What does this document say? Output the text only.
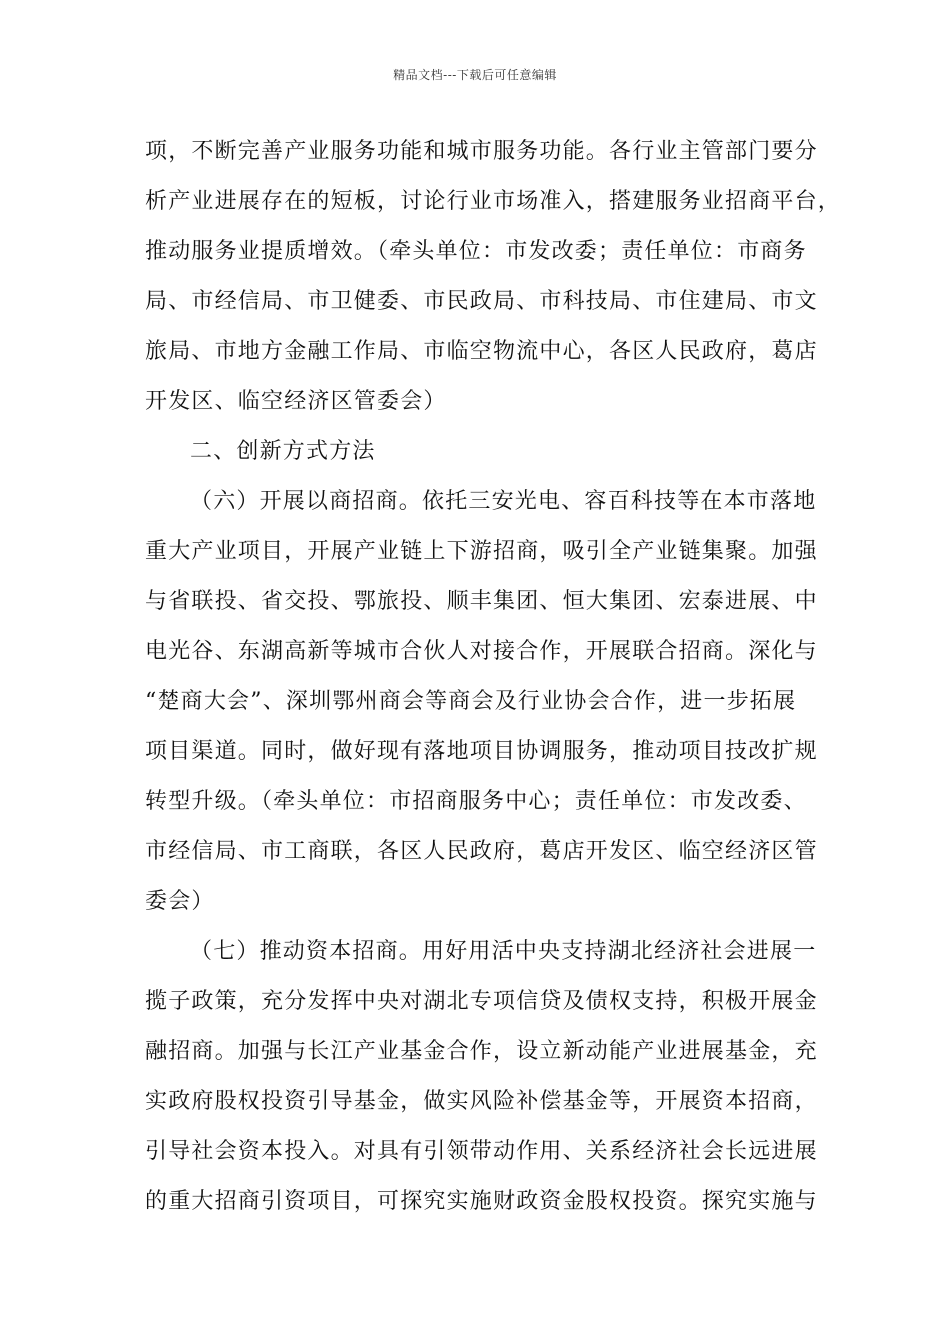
精品文档---下载后可任意编辑
项，不断完善产业服务功能和城市服务功能。各行业主管部门要分
析产业进展存在的短板，讨论行业市场准入，搭建服务业招商平台，
推动服务业提质增效。（牵头单位：市发改委；责任单位：市商务
局、市经信局、市卫健委、市民政局、市科技局、市住建局、市文
旅局、市地方金融工作局、市临空物流中心，各区人民政府，葛店
开发区、临空经济区管委会）
二、创新方式方法
（六）开展以商招商。依托三安光电、容百科技等在本市落地
重大产业项目，开展产业链上下游招商，吸引全产业链集聚。加强
与省联投、省交投、鄂旅投、顺丰集团、恒大集团、宏泰进展、中
电光谷、东湖高新等城市合伙人对接合作，开展联合招商。深化与
“楚商大会”、深圳鄂州商会等商会及行业协会合作，进一步拓展
项目渠道。同时，做好现有落地项目协调服务，推动项目技改扩规
转型升级。（牵头单位：市招商服务中心；责任单位：市发改委、
市经信局、市工商联，各区人民政府，葛店开发区、临空经济区管
委会）
（七）推动资本招商。用好用活中央支持湖北经济社会进展一
揽子政策，充分发挥中央对湖北专项信贷及债权支持，积极开展金
融招商。加强与长江产业基金合作，设立新动能产业进展基金，充
实政府股权投资引导基金，做实风险补偿基金等，开展资本招商，
引导社会资本投入。对具有引领带动作用、关系经济社会长远进展
的重大招商引资项目，可探究实施财政资金股权投资。探究实施与
